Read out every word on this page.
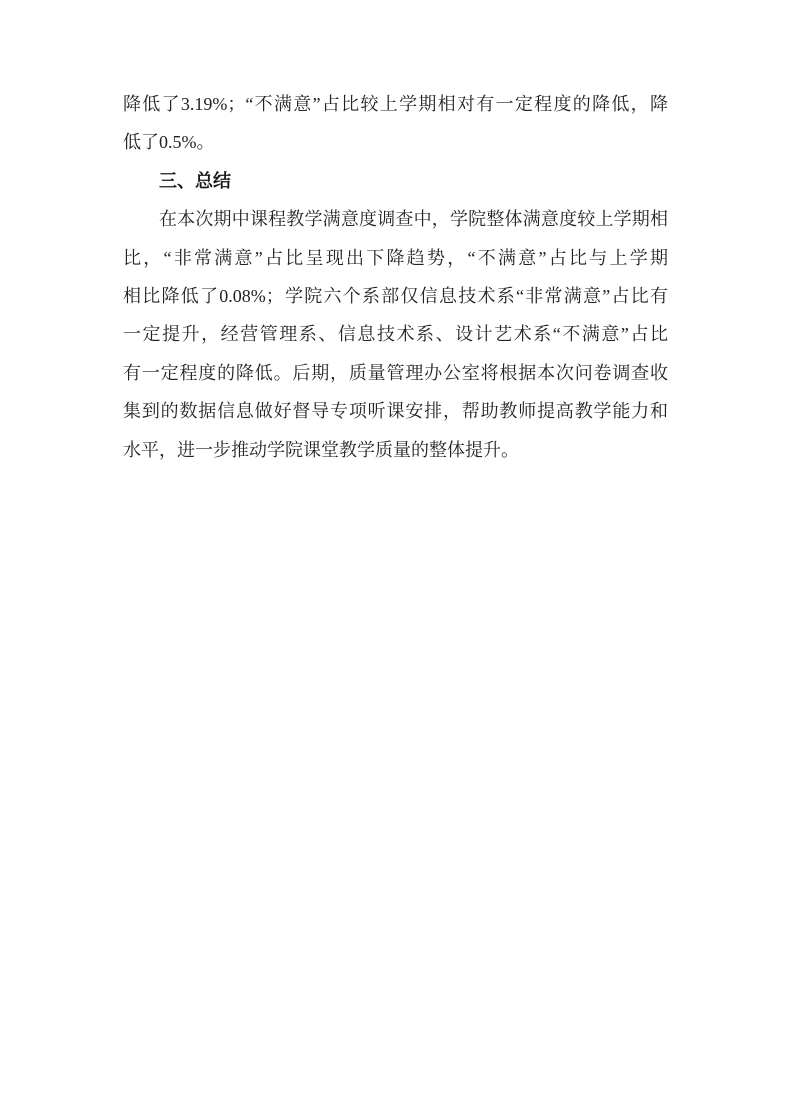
降低了3.19%；“不满意”占比较上学期相对有一定程度的降低，降
低了0.5%。
三、总结
在本次期中课程教学满意度调查中，学院整体满意度较上学期相
比，“非常满意”占比呈现出下降趋势，“不满意”占比与上学期
相比降低了0.08%；学院六个系部仅信息技术系“非常满意”占比有
一定提升，经营管理系、信息技术系、设计艺术系“不满意”占比
有一定程度的降低。后期，质量管理办公室将根据本次问卷调查收
集到的数据信息做好督导专项听课安排，帮助教师提高教学能力和
水平，进一步推动学院课堂教学质量的整体提升。
